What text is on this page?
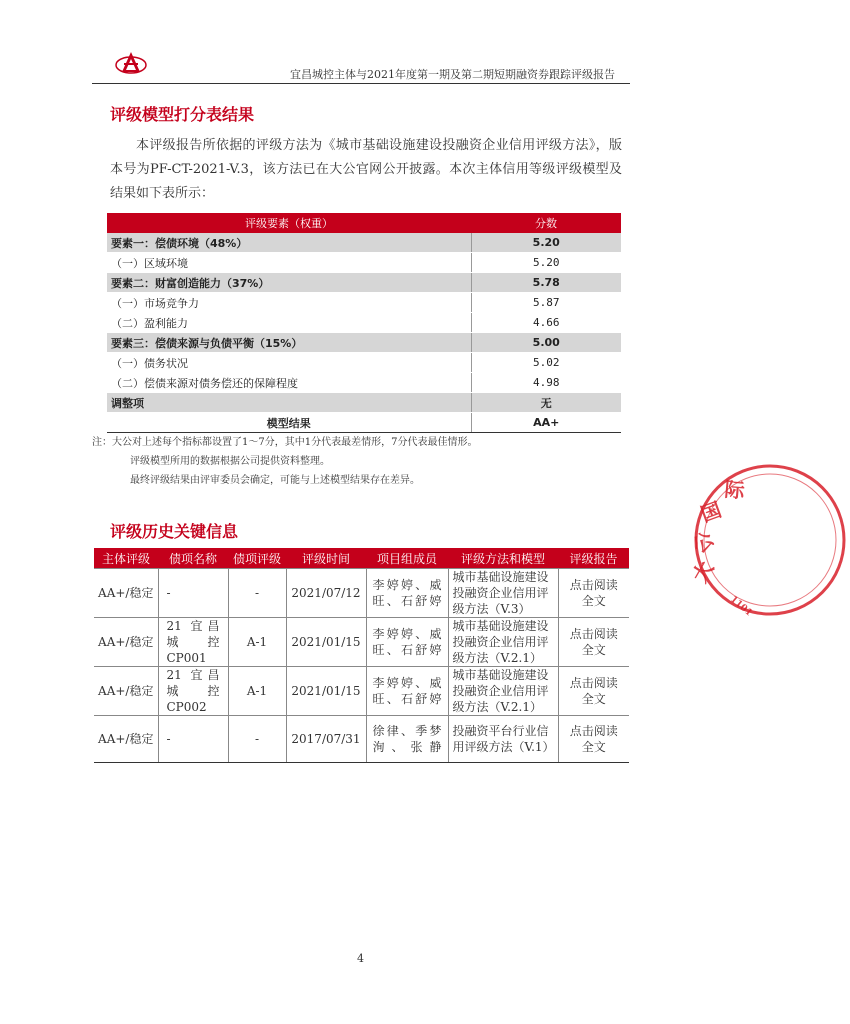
宜昌城控主体与2021年度第一期及第二期短期融资券跟踪评级报告
评级模型打分表结果

本评级报告所依据的评级方法为《城市基础设施建设投融资企业信用评级方法》，版本号为PF-CT-2021-V.3，该方法已在大公官网公开披露。本次主体信用等级评级模型及结果如下表所示：

评级要素（权重）	分数
要素一：偿债环境（48%）	5.20
（一）区域环境	5.20
要素二：财富创造能力（37%）	5.78
（一）市场竞争力	5.87
（二）盈利能力	4.66
要素三：偿债来源与负债平衡（15%）	5.00
（一）债务状况	5.02
（二）偿债来源对债务偿还的保障程度	4.98
调整项	无
模型结果	AA+
注：大公对上述每个指标都设置了1～7分，其中1分代表最差情形，7分代表最佳情形。
评级模型所用的数据根据公司提供资料整理。
最终评级结果由评审委员会确定，可能与上述模型结果存在差异。
评级历史关键信息
主体评级	债项名称	债项评级	评级时间	项目组成员	评级方法和模型	评级报告
AA+/稳定	-	-	2021/07/12	李婷婷、威旺、石舒婷	城市基础设施建设投融资企业信用评级方法（V.3）	点击阅读全文
AA+/稳定	21 宜昌城控CP001	A-1	2021/01/15	李婷婷、威旺、石舒婷	城市基础设施建设投融资企业信用评级方法（V.2.1）	点击阅读全文
AA+/稳定	21 宜昌城控CP002	A-1	2021/01/15	李婷婷、威旺、石舒婷	城市基础设施建设投融资企业信用评级方法（V.2.1）	点击阅读全文
AA+/稳定	-	-	2017/07/31	徐律、季梦洵、张静	投融资平台行业信用评级方法（V.1）	点击阅读全文
大
公
国
际
1101
4
